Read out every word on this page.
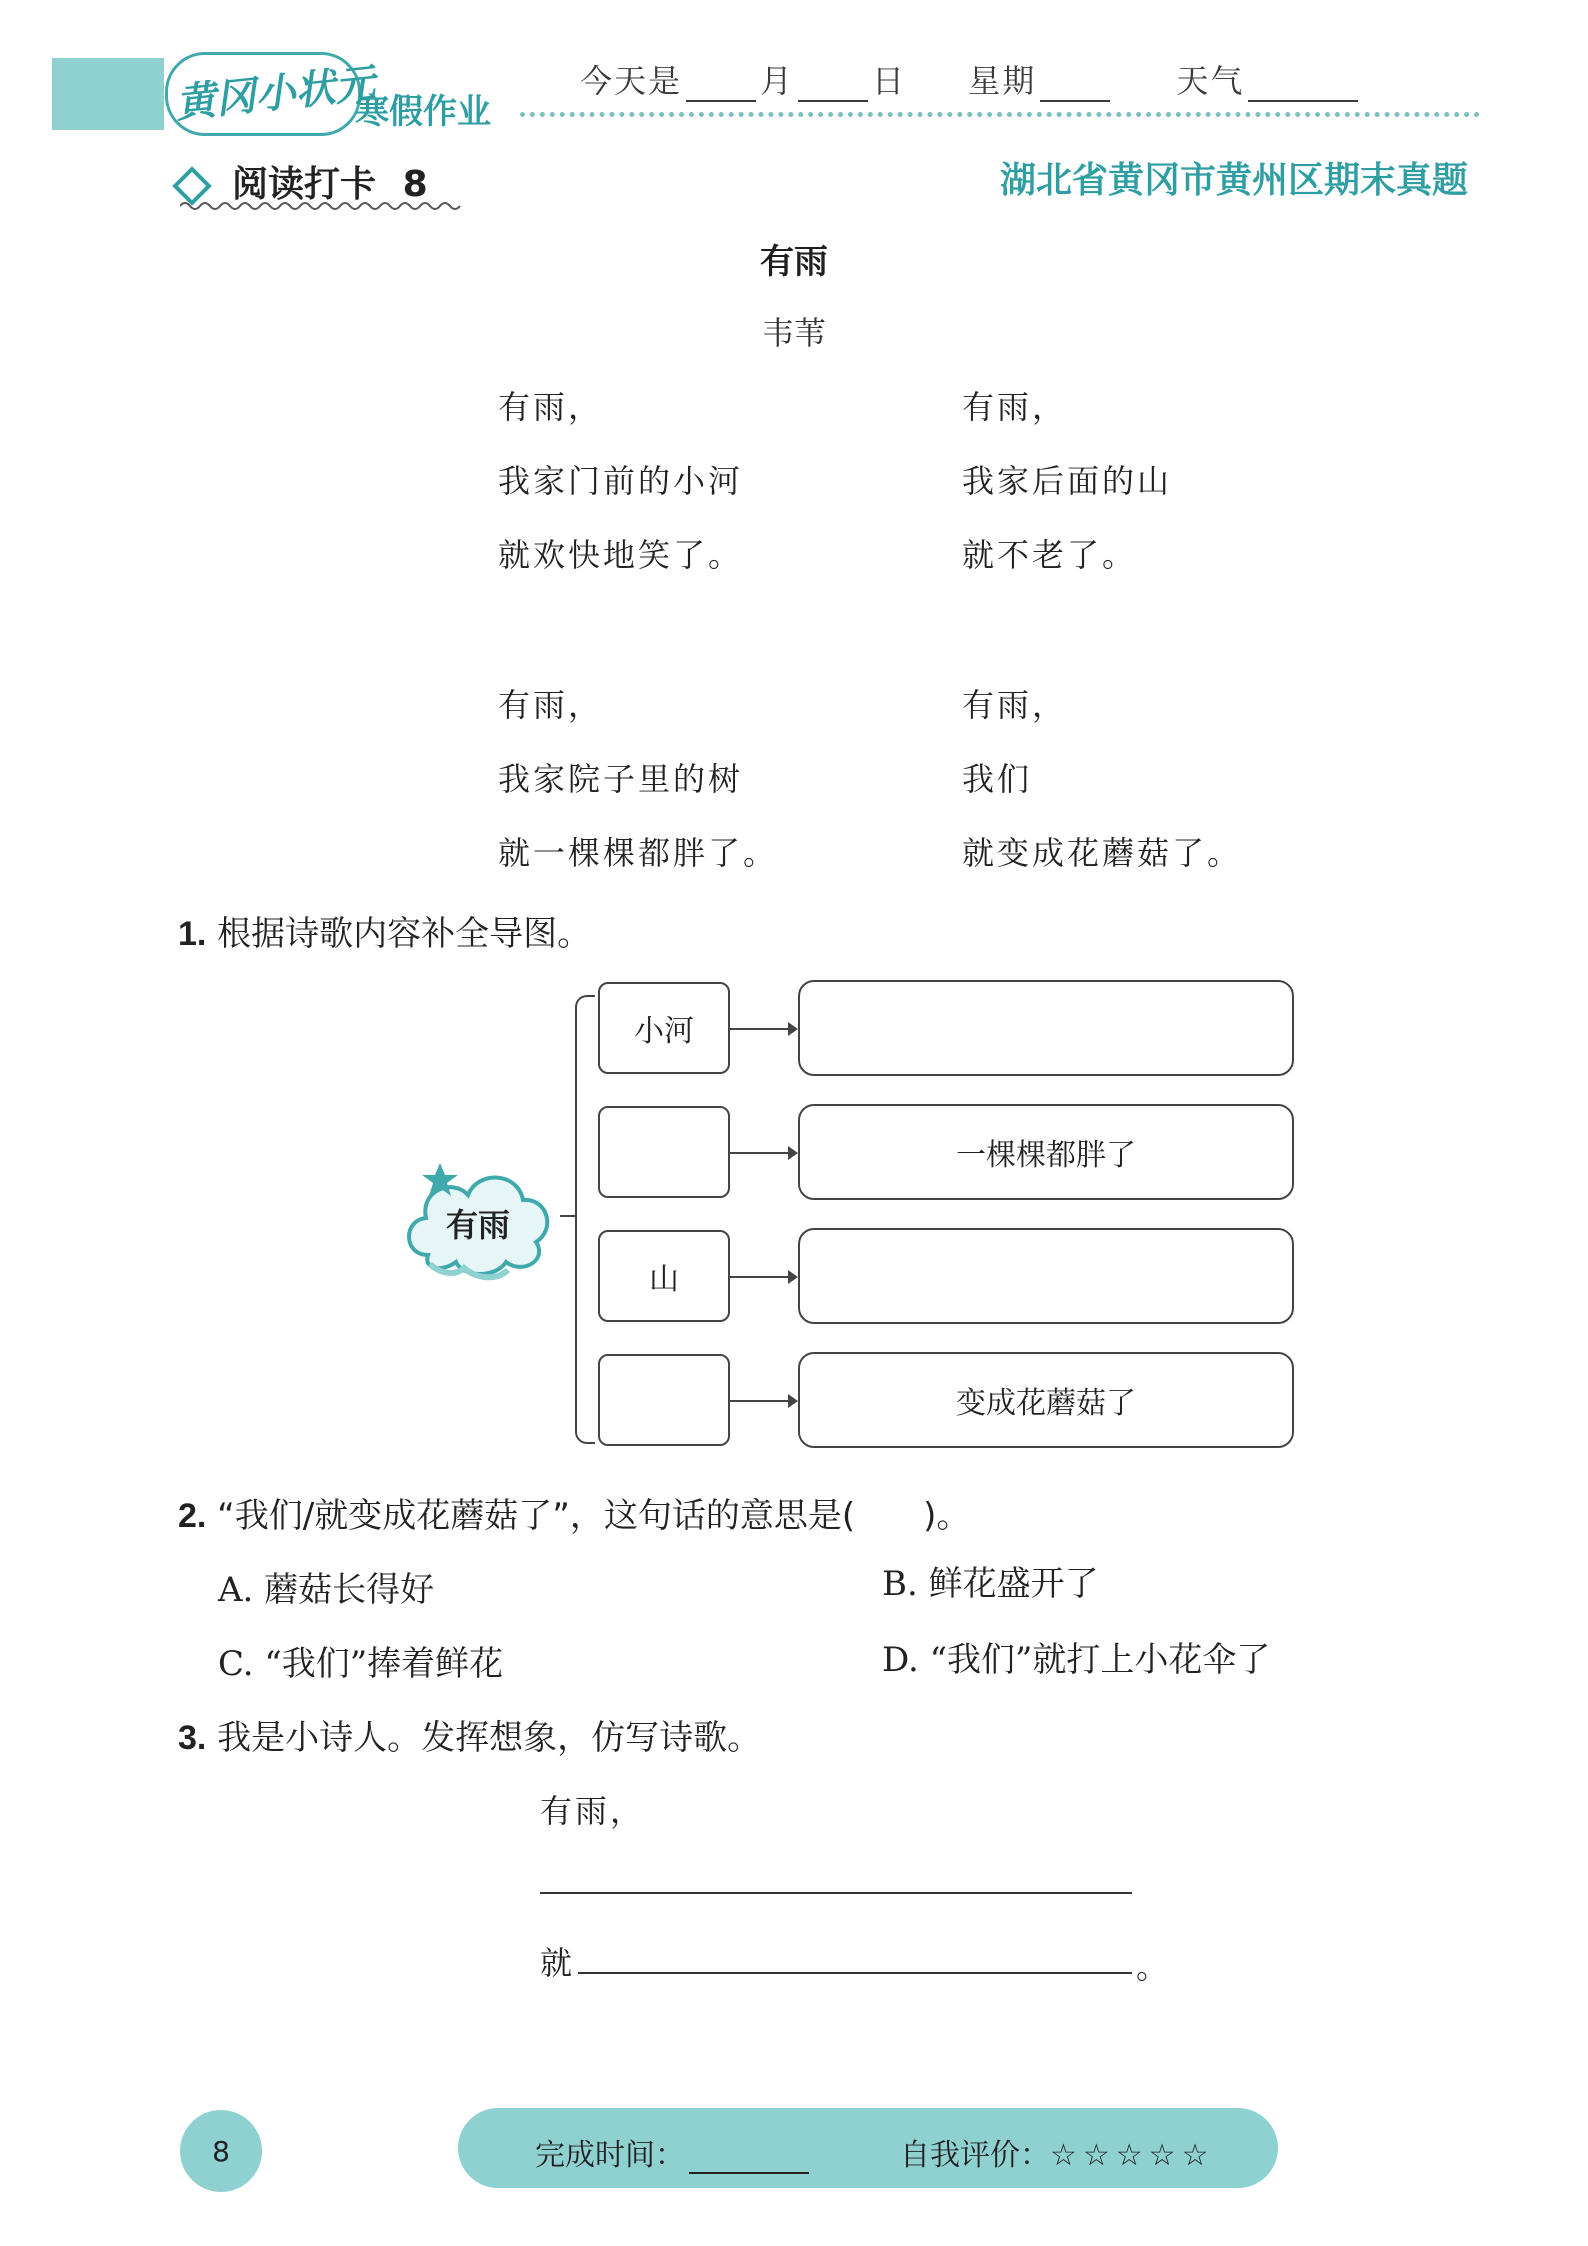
黄冈小状元
寒假作业
今天是 月 日 星期	天气
阅读打卡 8	湖北省黄冈市黄州区期末真题
有雨
韦苇
有雨，
我家门前的小河
就欢快地笑了。
有雨，
我家后面的山
就不老了。
有雨，
我家院子里的树
就一棵棵都胖了。
有雨，
我们
就变成花蘑菇了。
1. 根据诗歌内容补全导图。
有雨
小河
一棵棵都胖了
山
变成花蘑菇了
2. “我们/就变成花蘑菇了”，这句话的意思是(　　)。
A. 蘑菇长得好	B. 鲜花盛开了
C. “我们”捧着鲜花	D. “我们”就打上小花伞了
3. 我是小诗人。发挥想象，仿写诗歌。
有雨，
就	。
8	完成时间：	自我评价：☆☆☆☆☆
